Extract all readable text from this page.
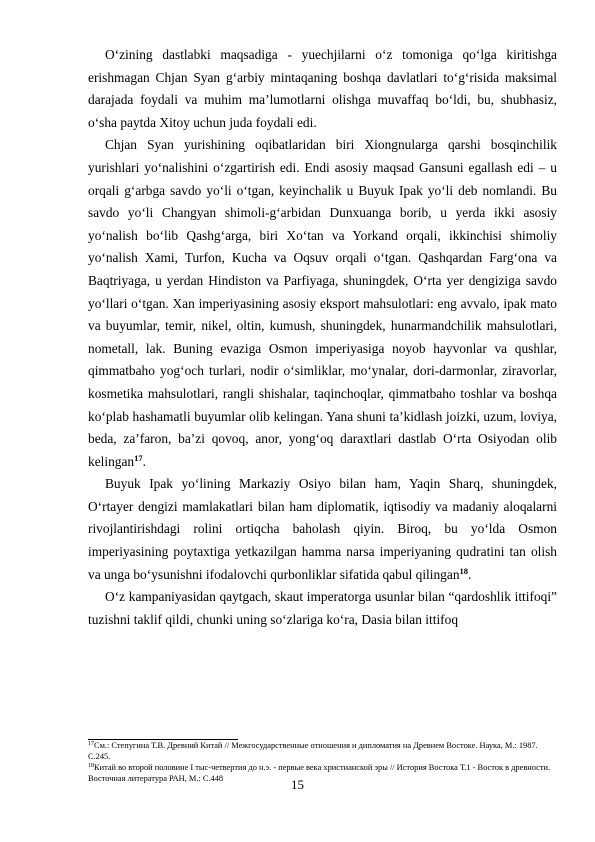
O‘zining dastlabki maqsadiga - yuechjilarni o‘z tomoniga qo‘lga kiritishga erishmagan Chjan Syan g‘arbiy mintaqaning boshqa davlatlari to‘g‘risida maksimal darajada foydali va muhim ma’lumotlarni olishga muvaffaq bo‘ldi, bu, shubhasiz, o‘sha paytda Xitoy uchun juda foydali edi.

Chjan Syan yurishining oqibatlaridan biri Xiongnularga qarshi bosqinchilik yurishlari yo‘nalishini o‘zgartirish edi. Endi asosiy maqsad Gansuni egallash edi – u orqali g‘arbga savdo yo‘li o‘tgan, keyinchalik u Buyuk Ipak yo‘li deb nomlandi. Bu savdo yo‘li Changyan shimoli-g‘arbidan Dunxuanga borib, u yerda ikki asosiy yo‘nalish bo‘lib Qashg‘arga, biri Xo‘tan va Yorkand orqali, ikkinchisi shimoliy yo‘nalish Xami, Turfon, Kucha va Oqsuv orqali o‘tgan. Qashqardan Farg‘ona va Baqtriyaga, u yerdan Hindiston va Parfiyaga, shuningdek, O‘rta yer dengiziga savdo yo‘llari o‘tgan. Xan imperiyasining asosiy eksport mahsulotlari: eng avvalo, ipak mato va buyumlar, temir, nikel, oltin, kumush, shuningdek, hunarmandchilik mahsulotlari, nometall, lak. Buning evaziga Osmon imperiyasiga noyob hayvonlar va qushlar, qimmatbaho yog‘och turlari, nodir o‘simliklar, mo‘ynalar, dori-darmonlar, ziravorlar, kosmetika mahsulotlari, rangli shishalar, taqinchoqlar, qimmatbaho toshlar va boshqa ko‘plab hashamatli buyumlar olib kelingan. Yana shuni ta’kidlash joizki, uzum, loviya, beda, za’faron, ba’zi qovoq, anor, yong‘oq daraxtlari dastlab O‘rta Osiyodan olib kelingan$^{17}$.

Buyuk Ipak yo‘lining Markaziy Osiyo bilan ham, Yaqin Sharq, shuningdek, O‘rtayer dengizi mamlakatlari bilan ham diplomatik, iqtisodiy va madaniy aloqalarni rivojlantirishdagi rolini ortiqcha baholash qiyin. Biroq, bu yo‘lda Osmon imperiyasining poytaxtiga yetkazilgan hamma narsa imperiyaning qudratini tan olish va unga bo‘ysunishni ifodalovchi qurbonliklar sifatida qabul qilingan$^{18}$.

O‘z kampaniyasidan qaytgach, skaut imperatorga usunlar bilan “qardoshlik ittifoqi” tuzishni taklif qildi, chunki uning so‘zlariga ko‘ra, Dasia bilan ittifoq

$^{17}$См.: Степугина Т.В. Древний Китай // Межгосударственные отношения и дипломатия на Древнем Востоке. Наука, М.: 1987. С.245.

$^{18}$Китай во второй половине I тыс-четвертия до н.э. - первые века христианской эры // История Востока Т.1 - Восток в древности. Восточная литература РАН, М.: С.448	15
